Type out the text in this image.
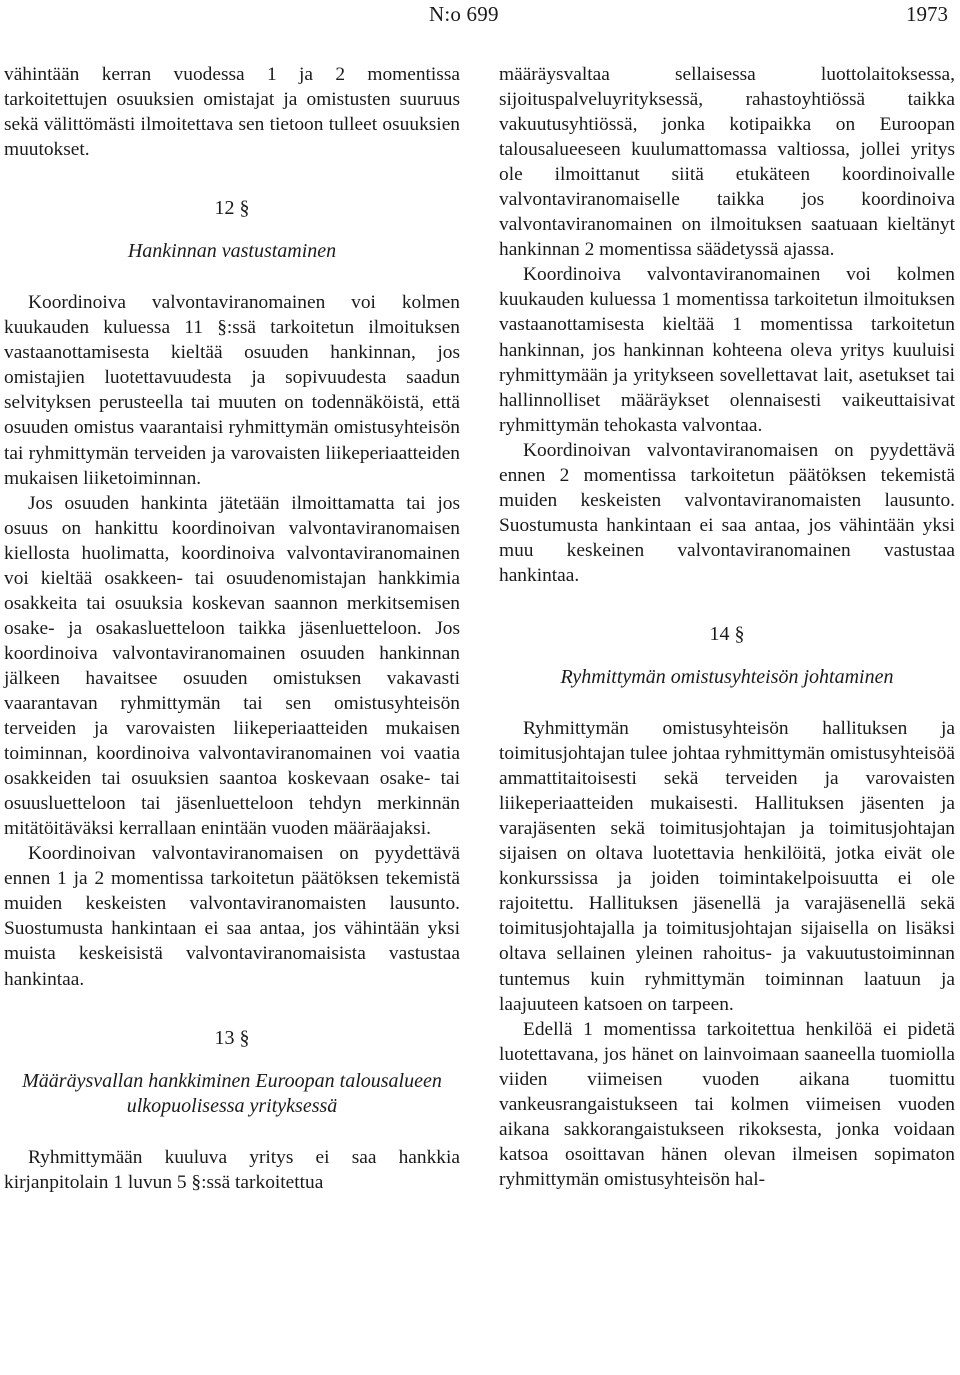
N:o 699	1973

vähintään kerran vuodessa 1 ja 2 momentissa tarkoitettujen osuuksien omistajat ja omistusten suuruus sekä välittömästi ilmoitettava sen tietoon tulleet osuuksien muutokset.

12 §
Hankinnan vastustaminen

Koordinoiva valvontaviranomainen voi kolmen kuukauden kuluessa 11 §:ssä tarkoitetun ilmoituksen vastaanottamisesta kieltää osuuden hankinnan, jos omistajien luotettavuudesta ja sopivuudesta saadun selvityksen perusteella tai muuten on todennäköistä, että osuuden omistus vaarantaisi ryhmittymän omistusyhteisön tai ryhmittymän terveiden ja varovaisten liikeperiaatteiden mukaisen liiketoiminnan.

Jos osuuden hankinta jätetään ilmoittamatta tai jos osuus on hankittu koordinoivan valvontaviranomaisen kiellosta huolimatta, koordinoiva valvontaviranomainen voi kieltää osakkeen- tai osuudenomistajan hankkimia osakkeita tai osuuksia koskevan saannon merkitsemisen osake- ja osakasluetteloon taikka jäsenluetteloon. Jos koordinoiva valvontaviranomainen osuuden hankinnan jälkeen havaitsee osuuden omistuksen vakavasti vaarantavan ryhmittymän tai sen omistusyhteisön terveiden ja varovaisten liikeperiaatteiden mukaisen toiminnan, koordinoiva valvontaviranomainen voi vaatia osakkeiden tai osuuksien saantoa koskevaan osake- tai osuusluetteloon tai jäsenluetteloon tehdyn merkinnän mitätöitäväksi kerrallaan enintään vuoden määräajaksi.

Koordinoivan valvontaviranomaisen on pyydettävä ennen 1 ja 2 momentissa tarkoitetun päätöksen tekemistä muiden keskeisten valvontaviranomaisten lausunto. Suostumusta hankintaan ei saa antaa, jos vähintään yksi muista keskeisistä valvontaviranomaisista vastustaa hankintaa.

13 §
Määräysvallan hankkiminen Euroopan talousalueen ulkopuolisessa yrityksessä

Ryhmittymään kuuluva yritys ei saa hankkia kirjanpitolain 1 luvun 5 §:ssä tarkoitettua

määräysvaltaa sellaisessa luottolaitoksessa, sijoituspalveluyrityksessä, rahastoyhtiössä taikka vakuutusyhtiössä, jonka kotipaikka on Euroopan talousalueeseen kuulumattomassa valtiossa, jollei yritys ole ilmoittanut siitä etukäteen koordinoivalle valvontaviranomaiselle taikka jos koordinoiva valvontaviranomainen on ilmoituksen saatuaan kieltänyt hankinnan 2 momentissa säädetyssä ajassa.

Koordinoiva valvontaviranomainen voi kolmen kuukauden kuluessa 1 momentissa tarkoitetun ilmoituksen vastaanottamisesta kieltää 1 momentissa tarkoitetun hankinnan, jos hankinnan kohteena oleva yritys kuuluisi ryhmittymään ja yritykseen sovellettavat lait, asetukset tai hallinnolliset määräykset olennaisesti vaikeuttaisivat ryhmittymän tehokasta valvontaa.

Koordinoivan valvontaviranomaisen on pyydettävä ennen 2 momentissa tarkoitetun päätöksen tekemistä muiden keskeisten valvontaviranomaisten lausunto. Suostumusta hankintaan ei saa antaa, jos vähintään yksi muu keskeinen valvontaviranomainen vastustaa hankintaa.

14 §
Ryhmittymän omistusyhteisön johtaminen

Ryhmittymän omistusyhteisön hallituksen ja toimitusjohtajan tulee johtaa ryhmittymän omistusyhteisöä ammattitaitoisesti sekä terveiden ja varovaisten liikeperiaatteiden mukaisesti. Hallituksen jäsenten ja varajäsenten sekä toimitusjohtajan ja toimitusjohtajan sijaisen on oltava luotettavia henkilöitä, jotka eivät ole konkurssissa ja joiden toimintakelpoisuutta ei ole rajoitettu. Hallituksen jäsenellä ja varajäsenellä sekä toimitusjohtajalla ja toimitusjohtajan sijaisella on lisäksi oltava sellainen yleinen rahoitus- ja vakuutustoiminnan tuntemus kuin ryhmittymän toiminnan laatuun ja laajuuteen katsoen on tarpeen.

Edellä 1 momentissa tarkoitettua henkilöä ei pidetä luotettavana, jos hänet on lainvoimaan saaneella tuomiolla viiden viimeisen vuoden aikana tuomittu vankeusrangaistukseen tai kolmen viimeisen vuoden aikana sakkorangaistukseen rikoksesta, jonka voidaan katsoa osoittavan hänen olevan ilmeisen sopimaton ryhmittymän omistusyhteisön hal-
